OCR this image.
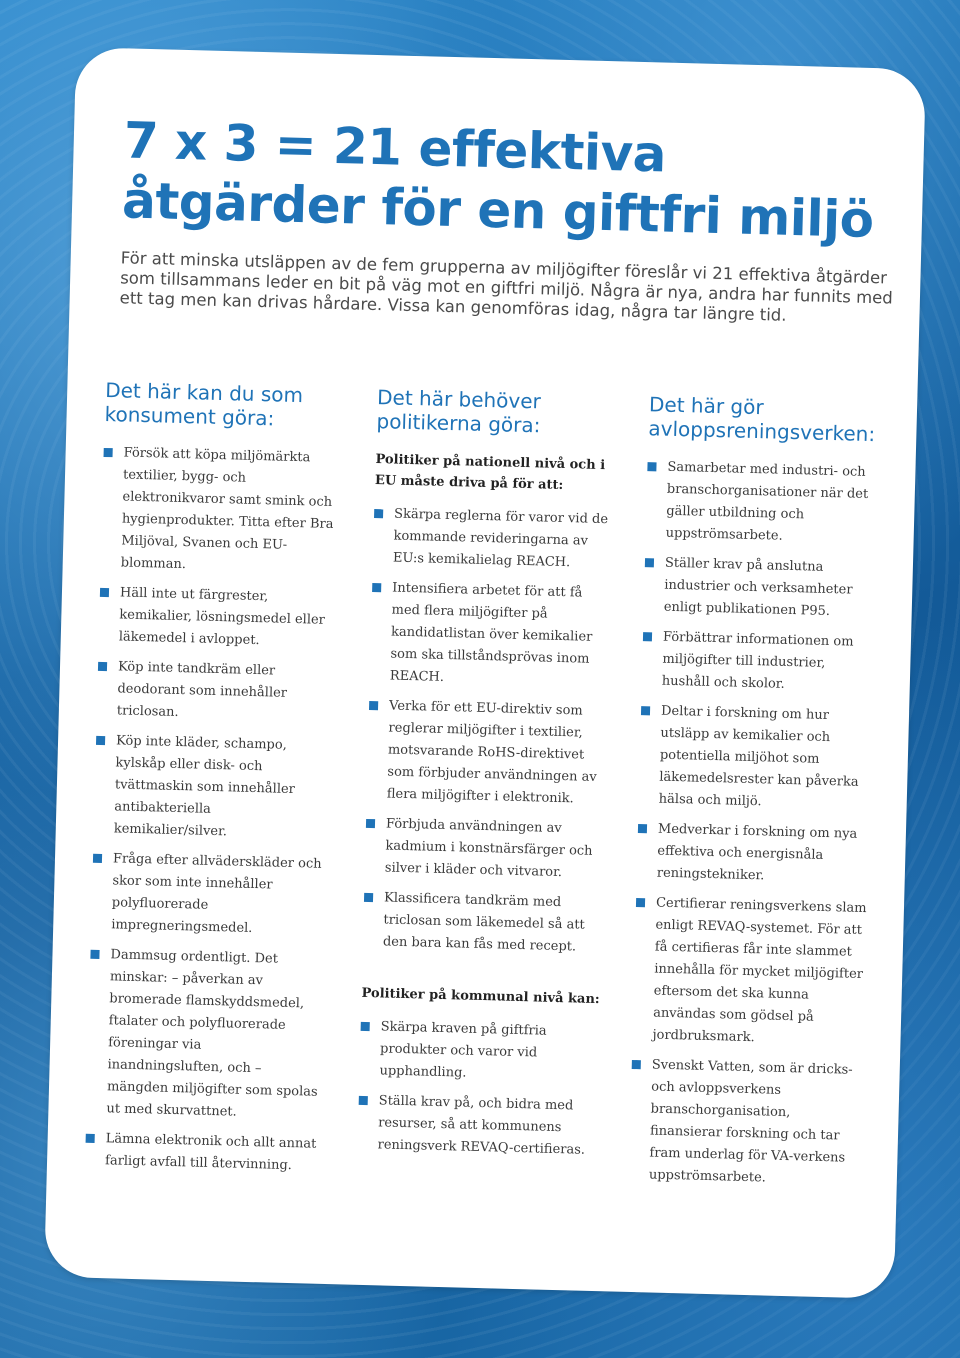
7 x 3 = 21 effektiva
åtgärder för en giftfri miljö

För att minska utsläppen av de fem grupperna av miljögifter föreslår vi 21 effektiva åtgärder som tillsammans leder en bit på väg mot en giftfri miljö. Några är nya, andra har funnits med ett tag men kan drivas hårdare. Vissa kan genomföras idag, några tar längre tid.

Det här kan du som konsument göra:
Försök att köpa miljömärkta textilier, bygg- och elektronikvaror samt smink och hygienprodukter. Titta efter Bra Miljöval, Svanen och EU-blomman.
Häll inte ut färgrester, kemikalier, lösningsmedel eller läkemedel i avloppet.
Köp inte tandkräm eller deodorant som innehåller triclosan.
Köp inte kläder, schampo, kylskåp eller disk- och tvättmaskin som innehåller antibakteriella kemikalier/silver.
Fråga efter allväderskläder och skor som inte innehåller polyfluorerade impregneringsmedel.
Dammsug ordentligt. Det minskar: – påverkan av bromerade flamskyddsmedel, ftalater och polyfluorerade föreningar via inandningsluften, och – mängden miljögifter som spolas ut med skurvattnet.
Lämna elektronik och allt annat farligt avfall till återvinning.
Det här behöver politikerna göra:
Politiker på nationell nivå och i EU måste driva på för att:
Skärpa reglerna för varor vid de kommande revideringarna av EU:s kemikalielag REACH.
Intensifiera arbetet för att få med flera miljögifter på kandidatlistan över kemikalier som ska tillståndsprövas inom REACH.
Verka för ett EU-direktiv som reglerar miljögifter i textilier, motsvarande RoHS-direktivet som förbjuder användningen av flera miljögifter i elektronik.
Förbjuda användningen av kadmium i konstnärsfärger och silver i kläder och vitvaror.
Klassificera tandkräm med triclosan som läkemedel så att den bara kan fås med recept.
Politiker på kommunal nivå kan:
Skärpa kraven på giftfria produkter och varor vid upphandling.
Ställa krav på, och bidra med resurser, så att kommunens reningsverk REVAQ-certifieras.
Det här gör avloppsreningsverken:
Samarbetar med industri- och branschorganisationer när det gäller utbildning och uppströmsarbete.
Ställer krav på anslutna industrier och verksamheter enligt publikationen P95.
Förbättrar informationen om miljögifter till industrier, hushåll och skolor.
Deltar i forskning om hur utsläpp av kemikalier och potentiella miljöhot som läkemedelsrester kan påverka hälsa och miljö.
Medverkar i forskning om nya effektiva och energisnåla reningstekniker.
Certifierar reningsverkens slam enligt REVAQ-systemet. För att få certifieras får inte slammet innehålla för mycket miljögifter eftersom det ska kunna användas som gödsel på jordbruksmark.
Svenskt Vatten, som är dricks- och avloppsverkens branschorganisation, finansierar forskning och tar fram underlag för VA-verkens uppströmsarbete.
